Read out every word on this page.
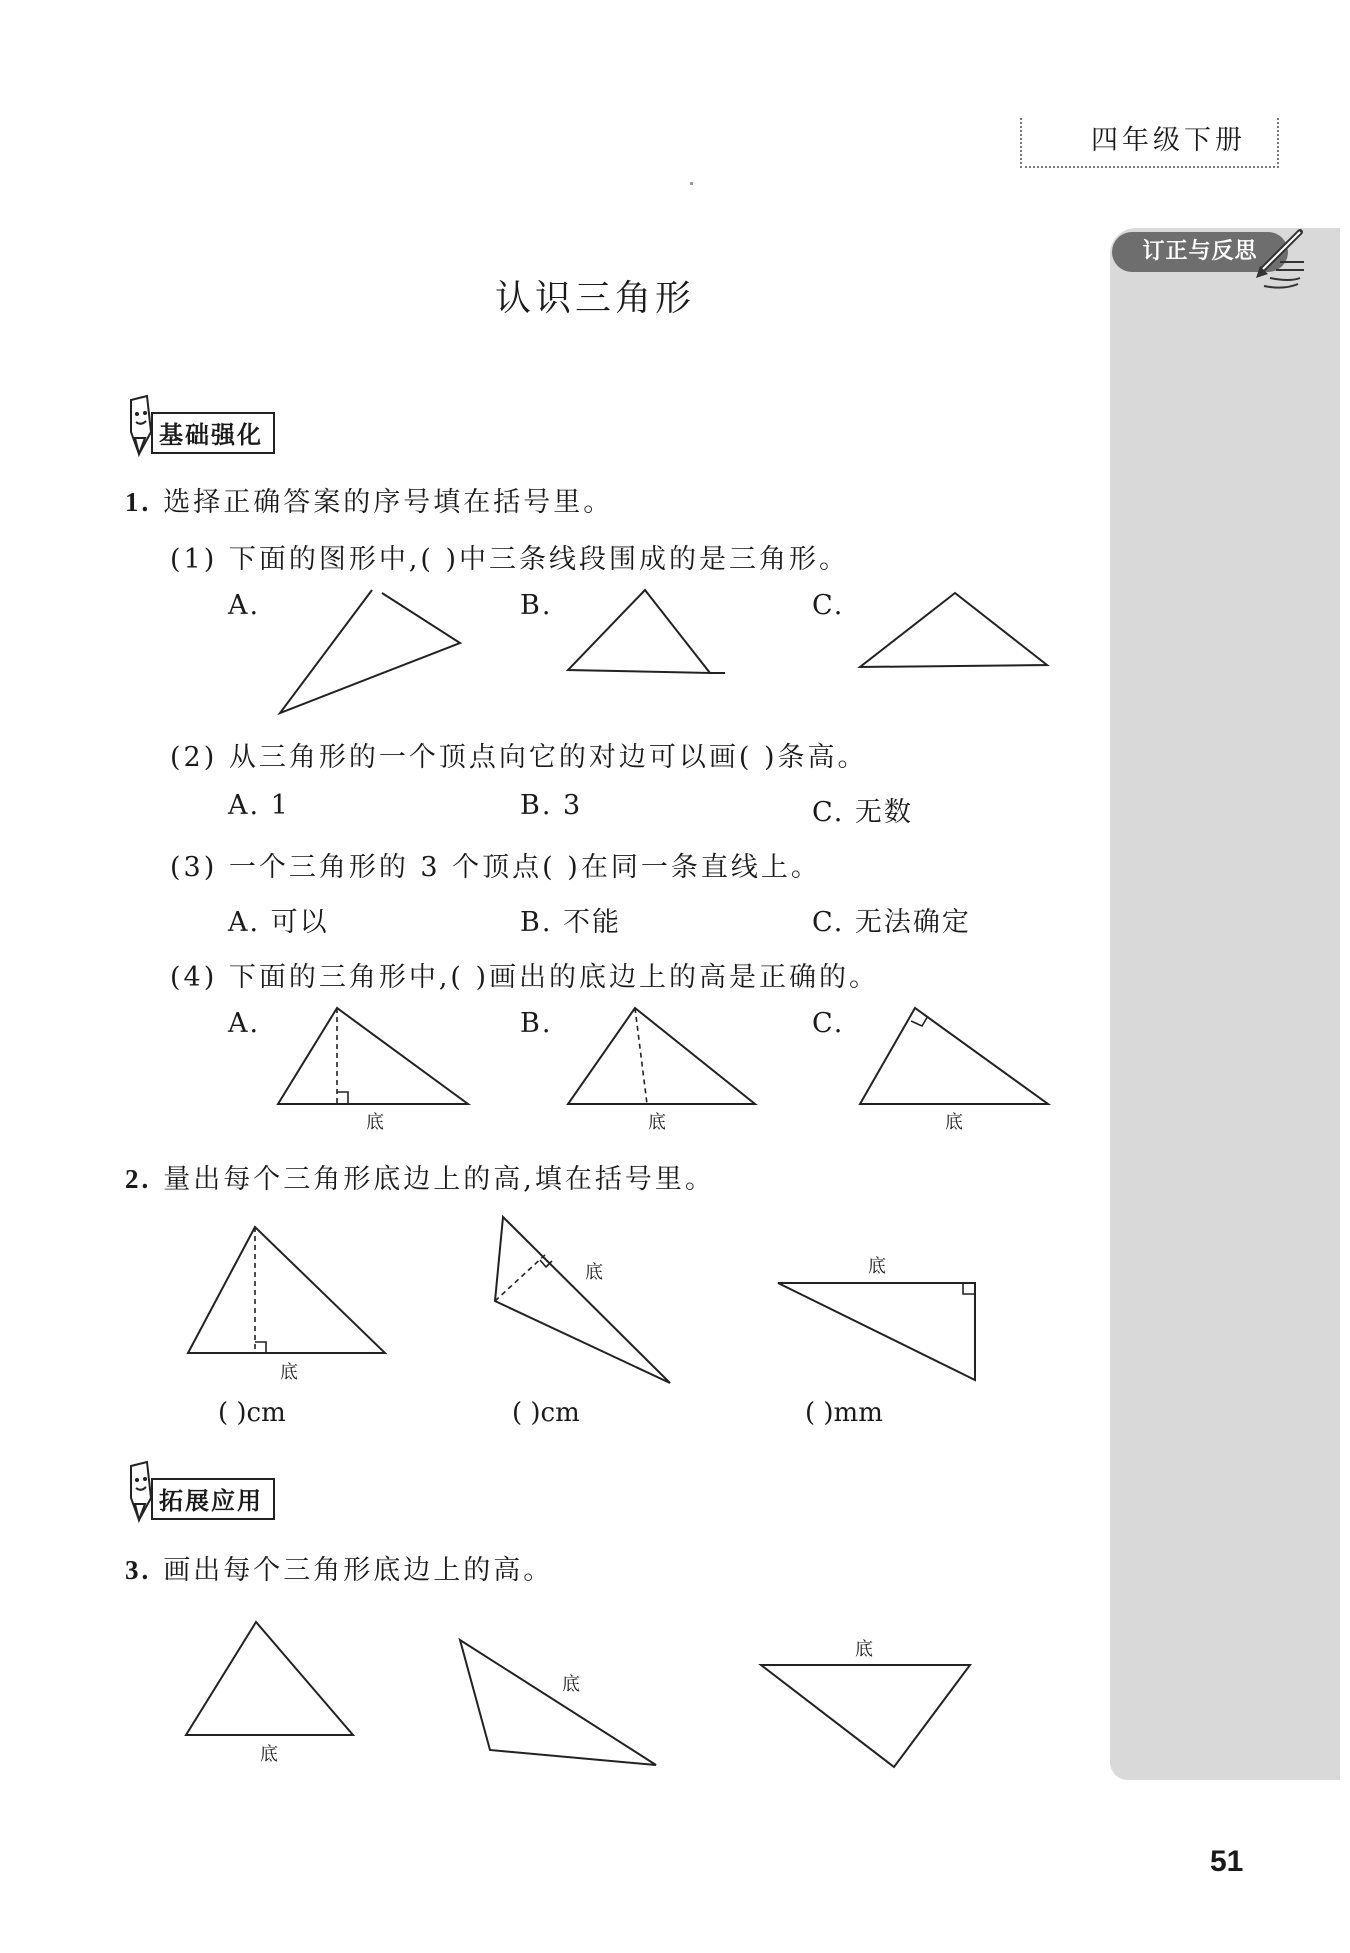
四年级下册
订正与反思
认识三角形
基础强化
1. 选择正确答案的序号填在括号里。
(1) 下面的图形中,( )中三条线段围成的是三角形。
A.	B.	C.
(2) 从三角形的一个顶点向它的对边可以画( )条高。
A. 1	B. 3	C. 无数
(3) 一个三角形的 3 个顶点( )在同一条直线上。
A. 可以	B. 不能	C. 无法确定
(4) 下面的三角形中,( )画出的底边上的高是正确的。
A.	B.	C.
底	底	底
2. 量出每个三角形底边上的高,填在括号里。
底
底	底
( )cm	( )cm	( )mm
拓展应用
3. 画出每个三角形底边上的高。
底
底
底
51
